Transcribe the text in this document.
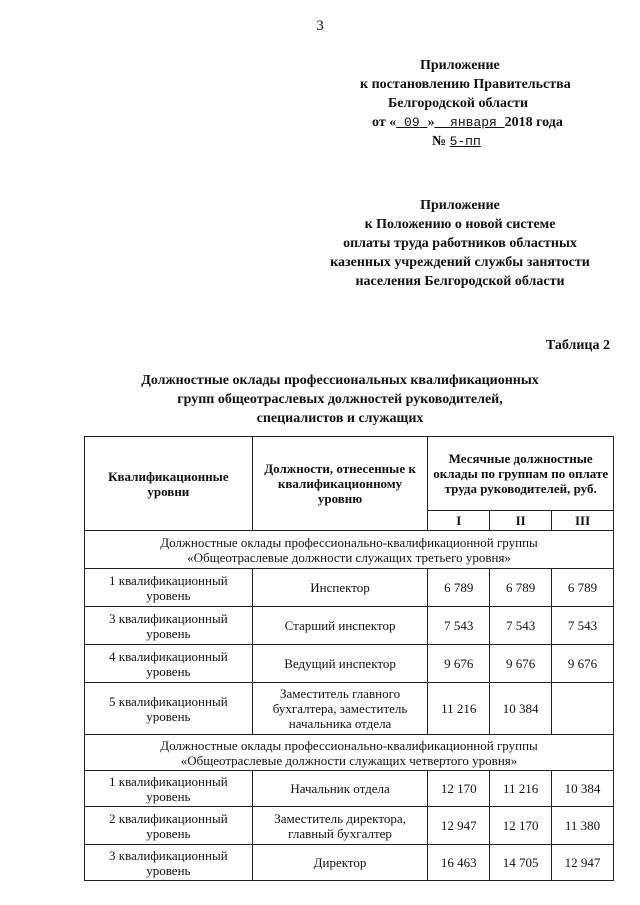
3
Приложение
к постановлению Правительства
Белгородской области
от « 09 » января 2018 года
№ 5-пп
Приложение
к Положению о новой системе
оплаты труда работников областных
казенных учреждений службы занятости
населения Белгородской области
Таблица 2
Должностные оклады профессиональных квалификационных
групп общеотраслевых должностей руководителей,
специалистов и служащих
Квалификационные уровни	Должности, отнесенные к квалификационному уровню	Месячные должностные оклады по группам по оплате труда руководителей, руб.		
		I	II	III

Должностные оклады профессионально-квалификационной группы
«Общеотраслевые должности служащих третьего уровня»				

1 квалификационный уровень	Инспектор	6 789	6 789	6 789
3 квалификационный уровень	Старший инспектор	7 543	7 543	7 543
4 квалификационный уровень	Ведущий инспектор	9 676	9 676	9 676
5 квалификационный уровень	Заместитель главного бухгалтера, заместитель начальника отдела	11 216	10 384	

Должностные оклады профессионально-квалификационной группы
«Общеотраслевые должности служащих четвертого уровня»				

1 квалификационный уровень	Начальник отдела	12 170	11 216	10 384
2 квалификационный уровень	Заместитель директора, главный бухгалтер	12 947	12 170	11 380
3 квалификационный уровень	Директор	16 463	14 705	12 947
